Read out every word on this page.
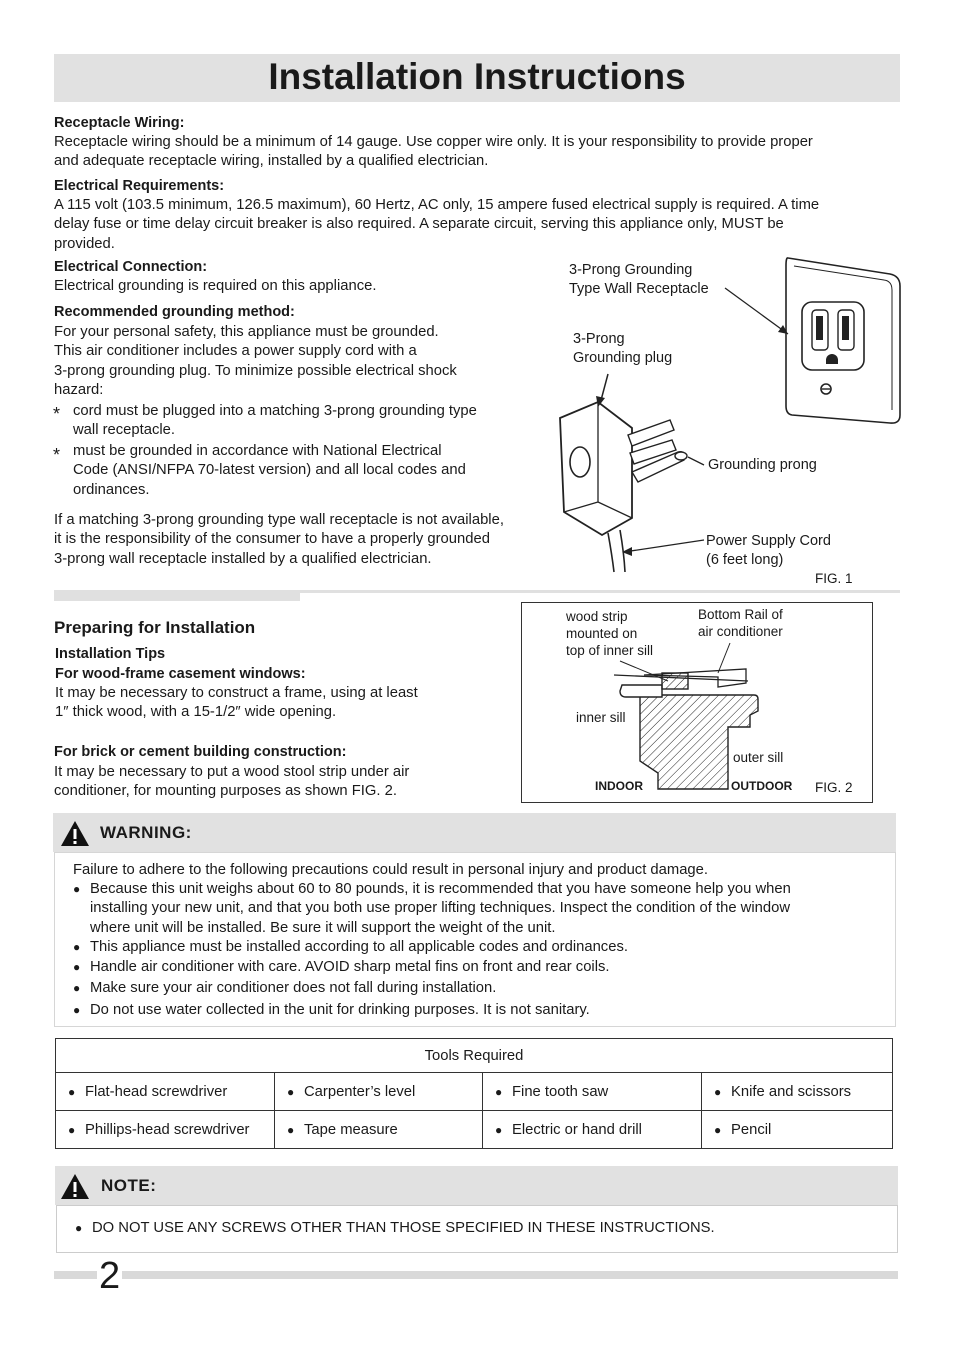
Installation Instructions
Receptacle Wiring:
Receptacle wiring should be a minimum of 14 gauge. Use copper wire only. It is your responsibility to provide proper
and adequate receptacle wiring, installed by a qualified electrician.
Electrical Requirements:
A 115 volt (103.5 minimum, 126.5 maximum), 60 Hertz, AC only, 15 ampere fused electrical supply is required. A time
delay fuse or time delay circuit breaker is also required. A separate circuit, serving this appliance only, MUST be
provided.
Electrical Connection:
Electrical grounding is required on this appliance.
Recommended grounding method:
For your personal safety, this appliance must be grounded.
This air conditioner includes a power supply cord with a
3-prong grounding plug. To minimize possible electrical shock
hazard:
* cord must be plugged into a matching 3-prong grounding type
wall receptacle.
* must be grounded in accordance with National Electrical
Code (ANSI/NFPA 70-latest version) and all local codes and
ordinances.
If a matching 3-prong grounding type wall receptacle is not available,
it is the responsibility of the consumer to have a properly grounded
3-prong wall receptacle installed by a qualified electrician.
3-Prong Grounding
Type Wall Receptacle
3-Prong
Grounding plug
Grounding prong
Power Supply Cord
(6 feet long)
FIG. 1
Preparing for Installation
Installation Tips
For wood-frame casement windows:
It may be necessary to construct a frame, using at least
1″ thick wood, with a 15-1/2″ wide opening.
For brick or cement building construction:
It may be necessary to put a wood stool strip under air
conditioner, for mounting purposes as shown FIG. 2.
wood strip
mounted on
top of inner sill
Bottom Rail of
air conditioner
inner sill
outer sill
INDOOR	OUTDOOR FIG. 2
WARNING:
Failure to adhere to the following precautions could result in personal injury and product damage.
● Because this unit weighs about 60 to 80 pounds, it is recommended that you have someone help you when
installing your new unit, and that you both use proper lifting techniques. Inspect the condition of the window
where unit will be installed. Be sure it will support the weight of the unit.
● This appliance must be installed according to all applicable codes and ordinances.
● Handle air conditioner with care. AVOID sharp metal fins on front and rear coils.
● Make sure your air conditioner does not fall during installation.
● Do not use water collected in the unit for drinking purposes. It is not sanitary.
Tools Required			
● Flat-head screwdriver	● Carpenter’s level	● Fine tooth saw	● Knife and scissors
● Phillips-head screwdriver	● Tape measure	● Electric or hand drill	● Pencil
NOTE:
● DO NOT USE ANY SCREWS OTHER THAN THOSE SPECIFIED IN THESE INSTRUCTIONS.
2
